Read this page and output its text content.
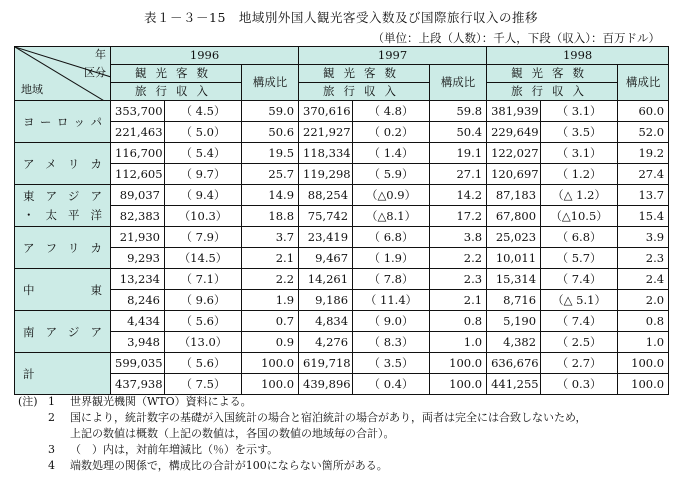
表１－３－15　地域別外国人観光客受入数及び国際旅行収入の推移
（単位：上段（人数）：千人，下段（収入）：百万ドル）
年
区分
地域	1996			1997			1998		
	観光客数		構成比	観光客数		構成比	観光客数		構成比
	旅行収入			旅行収入			旅行収入		

ヨーロッパ	353,700	（ 4.5）	59.0	370,616	（ 4.8）	59.8	381,939	（ 3.1）	60.0
	221,463	（ 5.0）	50.6	221,927	（ 0.2）	50.4	229,649	（ 3.5）	52.0

アメリカ	116,700	（ 5.4）	19.5	118,334	（ 1.4）	19.1	122,027	（ 3.1）	19.2
	112,605	（ 9.7）	25.7	119,298	（ 5.9）	27.1	120,697	（ 1.2）	27.4

東アジア
・太平洋	89,037	（ 9.4）	14.9	88,254	（△0.9）	14.2	87,183	（△ 1.2）	13.7
	82,383	（10.3）	18.8	75,742	（△8.1）	17.2	67,800	（△10.5）	15.4

アフリカ	21,930	（ 7.9）	3.7	23,419	（ 6.8）	3.8	25,023	（ 6.8）	3.9
	9,293	（14.5）	2.1	9,467	（ 1.9）	2.2	10,011	（ 5.7）	2.3

中東	13,234	（ 7.1）	2.2	14,261	（ 7.8）	2.3	15,314	（ 7.4）	2.4
	8,246	（ 9.6）	1.9	9,186	（ 11.4）	2.1	8,716	（△ 5.1）	2.0

南アジア	4,434	（ 5.6）	0.7	4,834	（ 9.0）	0.8	5,190	（ 7.4）	0.8
	3,948	（13.0）	0.9	4,276	（ 8.3）	1.0	4,382	（ 2.5）	1.0

計	599,035	（ 5.6）	100.0	619,718	（ 3.5）	100.0	636,676	（ 2.7）	100.0
	437,938	（ 7.5）	100.0	439,896	（ 0.4）	100.0	441,255	（ 0.3）	100.0
(注) 1 世界観光機関（WTO）資料による。
2 国により，統計数字の基礎が入国統計の場合と宿泊統計の場合があり，両者は完全には合致しないため，
上記の数値は概数（上記の数値は，各国の数値の地域毎の合計）。
3 （　）内は，対前年増減比（％）を示す。
4 端数処理の関係で，構成比の合計が100にならない箇所がある。
